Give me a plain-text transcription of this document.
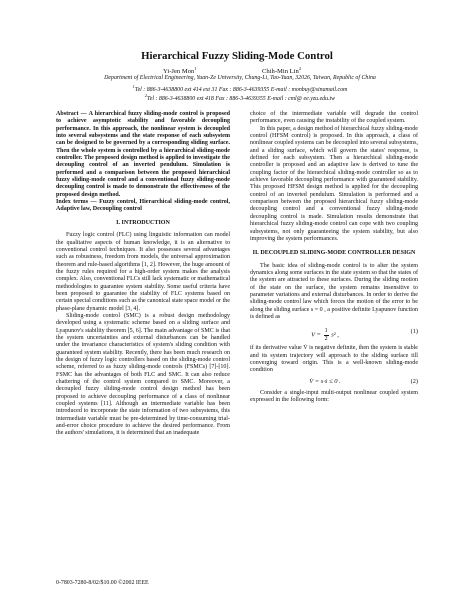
Hierarchical Fuzzy Sliding-Mode Control
Yi-Jen Mon$^1$	Chih-Min Lin$^2$
Department of Electrical Engineering, Yuan-Ze University, Chung-Li, Tao-Yuan, 32026, Taiwan, Republic of China
$^1$Tel : 886-3-4638800 ext 414 ext 31 Fax : 886-3-4639355 E-mail : monbuy@sinamail.com
$^2$Tel : 886-3-4638800 ext 418 Fax : 886-3-4639355 E-mail : cml@ ee.yzu.edu.tw

Abstract — A hierarchical fuzzy sliding-mode control is proposed to achieve asymptotic stability and favorable decoupling performance. In this approach, the nonlinear system is decoupled into several subsystems and the state response of each subsystem can be designed to be governed by a corresponding sliding surface. Then the whole system is controlled by a hierarchical sliding-mode controller. The proposed design method is applied to investigate the decoupling control of an inverted pendulum. Simulation is performed and a comparison between the proposed hierarchical fuzzy sliding-mode control and a conventional fuzzy sliding-mode decoupling control is made to demonstrate the effectiveness of the proposed design method.

Index terms — Fuzzy control, Hierarchical sliding-mode control, Adaptive law, Decoupling control

I. INTRODUCTION

Fuzzy logic control (FLC) using linguistic information can model the qualitative aspects of human knowledge, it is an alternative to conventional control techniques. It also possesses several advantages such as robustness, freedom from models, the universal approximation theorem and rule-based algorithms [1, 2]. However, the huge amount of the fuzzy rules required for a high-order system makes the analysis complex. Also, conventional FLCs still lack systematic or mathematical methodologies to guarantee system stability. Some useful criteria have been proposed to guarantee the stability of FLC systems based on certain special conditions such as the canonical state space model or the phase-plane dynamic model [3, 4].

Sliding-mode control (SMC) is a robust design methodology developed using a systematic scheme based on a sliding surface and Lyapunov's stability theorem [5, 6]. The main advantage of SMC is that the system uncertainties and external disturbances can be handled under the invariance characteristics of system's sliding condition with guaranteed system stability. Recently, there has been much research on the design of fuzzy logic controllers based on the sliding-mode control scheme, referred to as fuzzy sliding-mode controls (FSMCs) [7]-[10]. FSMC has the advantages of both FLC and SMC. It can also reduce chattering of the control system compared to SMC. Moreover, a decoupled fuzzy sliding-mode control design method has been proposed to achieve decoupling performance of a class of nonlinear coupled systems [11]. Although an intermediate variable has been introduced to incorporate the state information of two subsystems, this intermediate variable must be pre-determined by time-consuming trial-and-error choice procedure to achieve the desired performance. From the authors' simulations, it is determined that an inadequate

choice of the intermediate variable will degrade the control performance, even causing the instability of the coupled system.

In this paper, a design method of hierarchical fuzzy sliding-mode control (HFSM control) is proposed. In this approach, a class of nonlinear coupled systems can be decoupled into several subsystems, and a sliding surface, which will govern the states' response, is defined for each subsystem. Then a hierarchical sliding-mode controller is proposed and an adaptive law is derived to tune the coupling factor of the hierarchical sliding-mode controller so as to achieve favorable decoupling performance with guaranteed stability. This proposed HFSM design method is applied for the decoupling control of an inverted pendulum. Simulation is performed and a comparison between the proposed hierarchical fuzzy sliding-mode decoupling control and a conventional fuzzy sliding-mode decoupling control is made. Simulation results demonstrate that hierarchical fuzzy sliding-mode control can cope with two coupling subsystems, not only guaranteeing the system stability, but also improving the system performances.

II. DECOUPLED SLIDING-MODE CONTROLLER DESIGN

The basic idea of sliding-mode control is to alter the system dynamics along some surfaces in the state system so that the states of the system are attracted to these surfaces. During the sliding motion of the state on the surface, the system remains insensitive to parameter variations and external disturbances. In order to derive the sliding-mode control law which forces the motion of the error to be along the sliding surface s = 0 , a positive definite Lyapunov function is defined as

$V = \frac{1}{2} s^2$ ,	(1)

if its derivative value V̇ is negative definite, then the system is stable and its system trajectory will approach to the sliding surface till converging toward origin. This is a well-known sliding-mode condition

V̇ = s·ṡ ≤ 0 .	(2)

Consider a single-input multi-output nonlinear coupled system expressed in the following form:

0-7803-7280-8/02/$10.00 ©2002 IEEE
